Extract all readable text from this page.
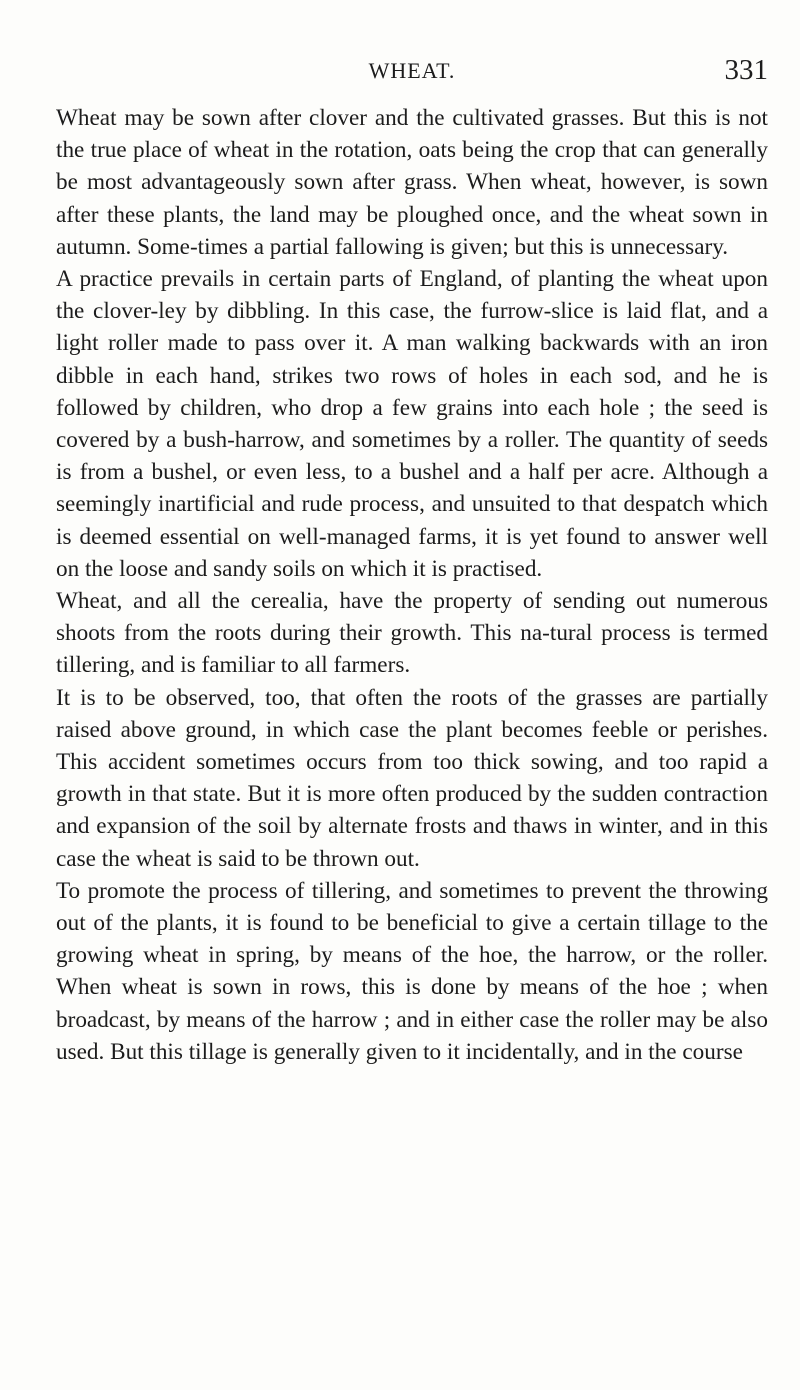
WHEAT.	331

Wheat may be sown after clover and the cultivated grasses. But this is not the true place of wheat in the rotation, oats being the crop that can generally be most advantageously sown after grass. When wheat, however, is sown after these plants, the land may be ploughed once, and the wheat sown in autumn. Some-times a partial fallowing is given; but this is unnecessary.

A practice prevails in certain parts of England, of planting the wheat upon the clover-ley by dibbling. In this case, the furrow-slice is laid flat, and a light roller made to pass over it. A man walking backwards with an iron dibble in each hand, strikes two rows of holes in each sod, and he is followed by children, who drop a few grains into each hole ; the seed is covered by a bush-harrow, and sometimes by a roller. The quantity of seeds is from a bushel, or even less, to a bushel and a half per acre. Although a seemingly inartificial and rude process, and unsuited to that despatch which is deemed essential on well-managed farms, it is yet found to answer well on the loose and sandy soils on which it is practised.

Wheat, and all the cerealia, have the property of sending out numerous shoots from the roots during their growth. This na-tural process is termed tillering, and is familiar to all farmers.

It is to be observed, too, that often the roots of the grasses are partially raised above ground, in which case the plant becomes feeble or perishes. This accident sometimes occurs from too thick sowing, and too rapid a growth in that state. But it is more often produced by the sudden contraction and expansion of the soil by alternate frosts and thaws in winter, and in this case the wheat is said to be thrown out.

To promote the process of tillering, and sometimes to prevent the throwing out of the plants, it is found to be beneficial to give a certain tillage to the growing wheat in spring, by means of the hoe, the harrow, or the roller. When wheat is sown in rows, this is done by means of the hoe ; when broadcast, by means of the harrow ; and in either case the roller may be also used. But this tillage is generally given to it incidentally, and in the course
